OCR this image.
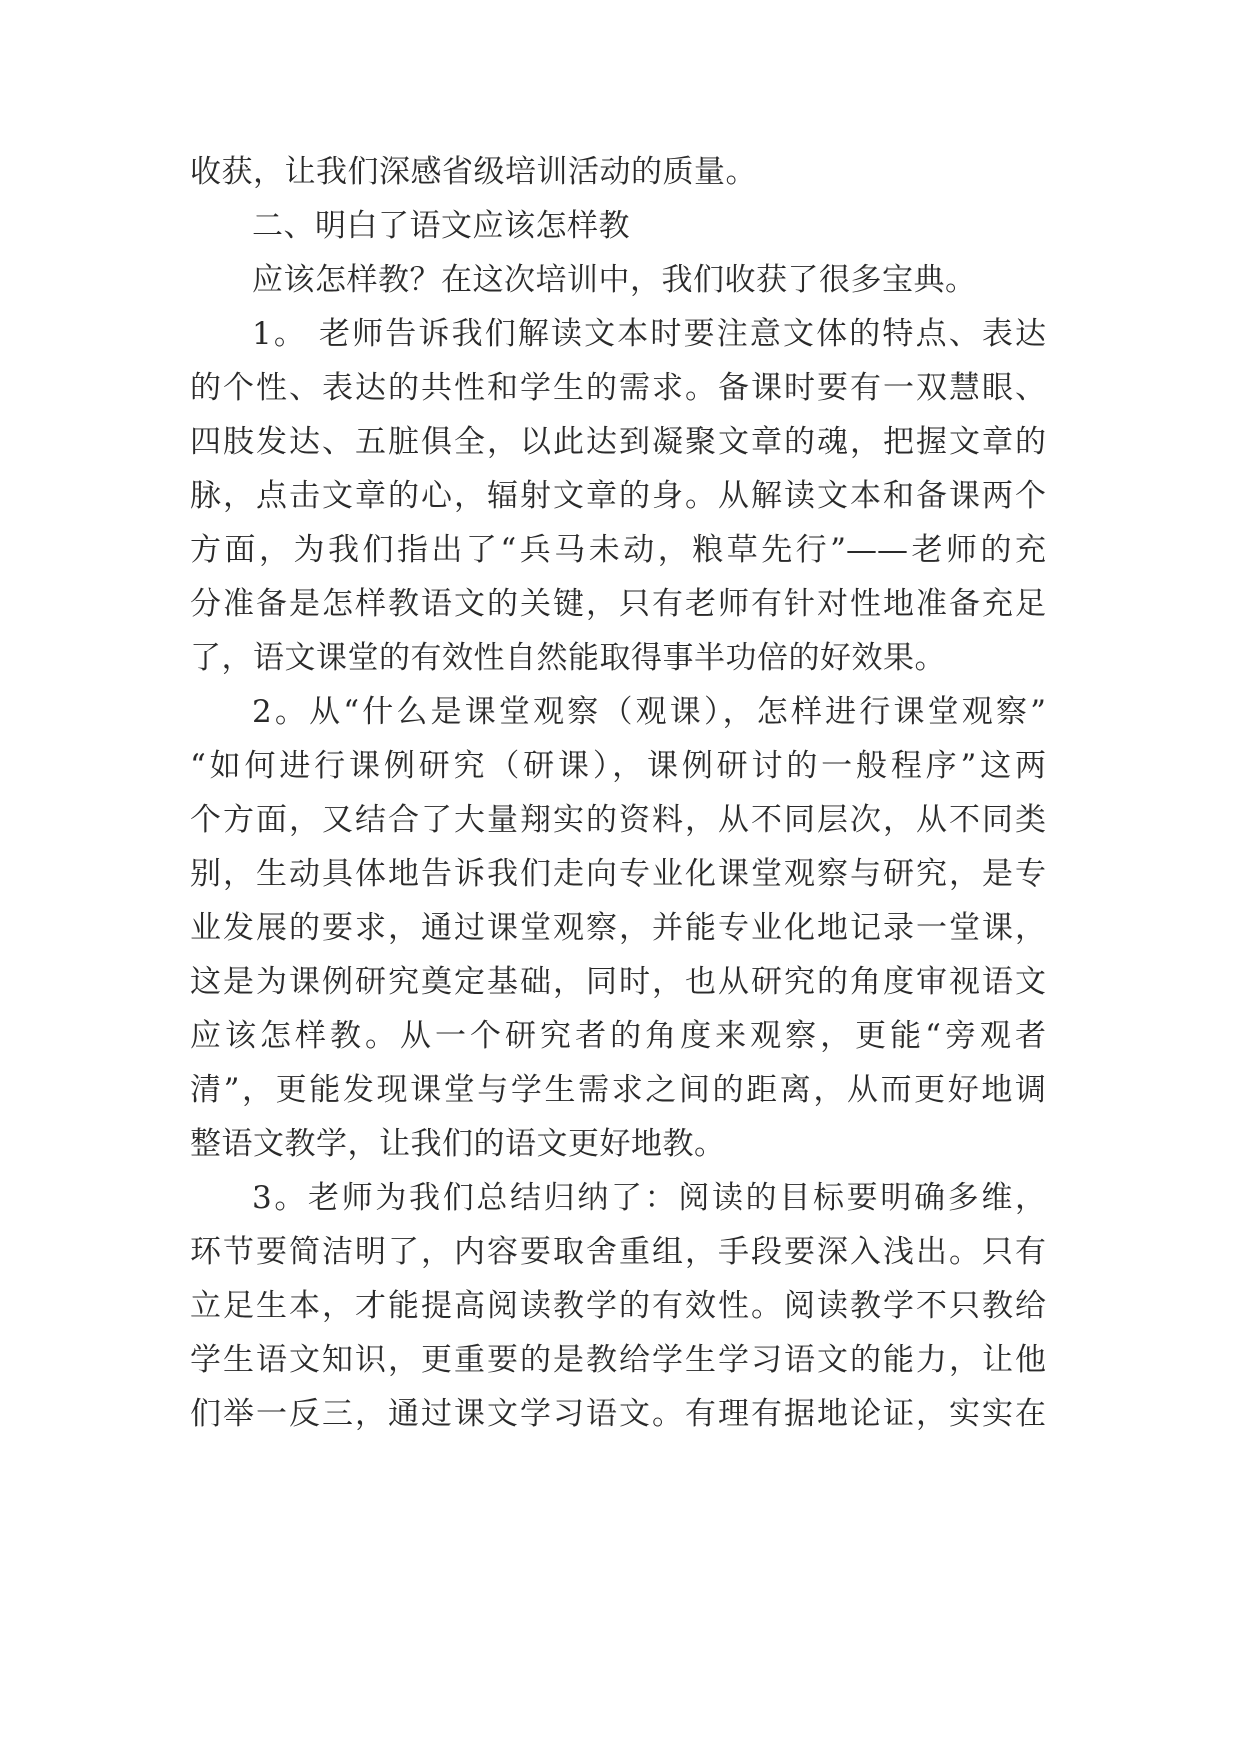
收获，让我们深感省级培训活动的质量。
二、明白了语文应该怎样教
应该怎样教？在这次培训中，我们收获了很多宝典。
1。 老师告诉我们解读文本时要注意文体的特点、表达
的个性、表达的共性和学生的需求。备课时要有一双慧眼、
四肢发达、五脏俱全，以此达到凝聚文章的魂，把握文章的
脉，点击文章的心，辐射文章的身。从解读文本和备课两个
方面，为我们指出了“兵马未动，粮草先行”——老师的充
分准备是怎样教语文的关键，只有老师有针对性地准备充足
了，语文课堂的有效性自然能取得事半功倍的好效果。
2。从“什么是课堂观察（观课），怎样进行课堂观察”
“如何进行课例研究（研课），课例研讨的一般程序”这两
个方面，又结合了大量翔实的资料，从不同层次，从不同类
别，生动具体地告诉我们走向专业化课堂观察与研究，是专
业发展的要求，通过课堂观察，并能专业化地记录一堂课，
这是为课例研究奠定基础，同时，也从研究的角度审视语文
应该怎样教。从一个研究者的角度来观察，更能“旁观者
清”，更能发现课堂与学生需求之间的距离，从而更好地调
整语文教学，让我们的语文更好地教。
3。老师为我们总结归纳了：阅读的目标要明确多维，
环节要简洁明了，内容要取舍重组，手段要深入浅出。只有
立足生本，才能提高阅读教学的有效性。阅读教学不只教给
学生语文知识，更重要的是教给学生学习语文的能力，让他
们举一反三，通过课文学习语文。有理有据地论证，实实在
